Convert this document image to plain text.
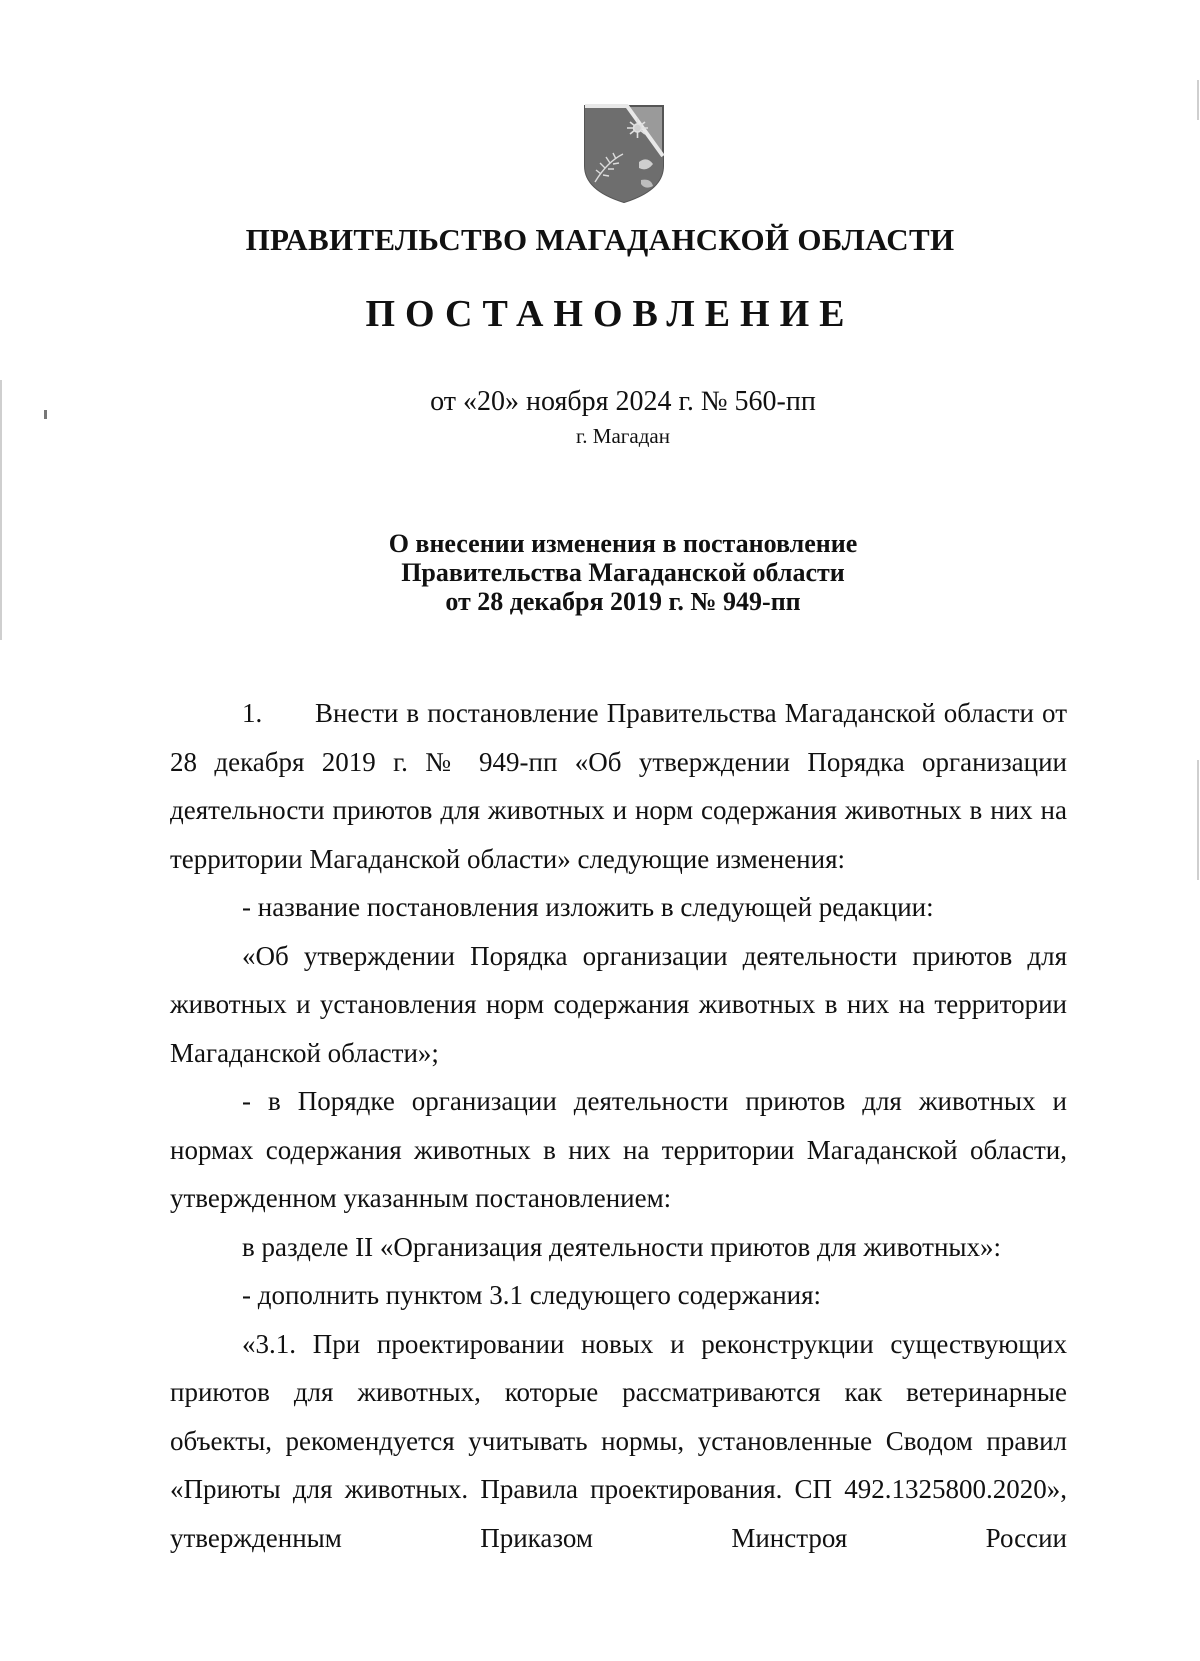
ПРАВИТЕЛЬСТВО МАГАДАНСКОЙ ОБЛАСТИ
ПОСТАНОВЛЕНИЕ
от «20» ноября 2024 г. № 560-пп
г. Магадан
О внесении изменения в постановление
Правительства Магаданской области
от 28 декабря 2019 г. № 949-пп

1. Внести в постановление Правительства Магаданской области от 28 декабря 2019 г. № 949-пп «Об утверждении Порядка организации деятельности приютов для животных и норм содержания животных в них на территории Магаданской области» следующие изменения:

- название постановления изложить в следующей редакции:

«Об утверждении Порядка организации деятельности приютов для животных и установления норм содержания животных в них на территории Магаданской области»;

- в Порядке организации деятельности приютов для животных и нормах содержания животных в них на территории Магаданской области, утвержденном указанным постановлением:

в разделе II «Организация деятельности приютов для животных»:

- дополнить пунктом 3.1 следующего содержания:

«3.1. При проектировании новых и реконструкции существующих приютов для животных, которые рассматриваются как ветеринарные объекты, рекомендуется учитывать нормы, установленные Сводом правил «Приюты для животных. Правила проектирования. СП 492.1325800.2020», утвержденным Приказом Минстроя России
